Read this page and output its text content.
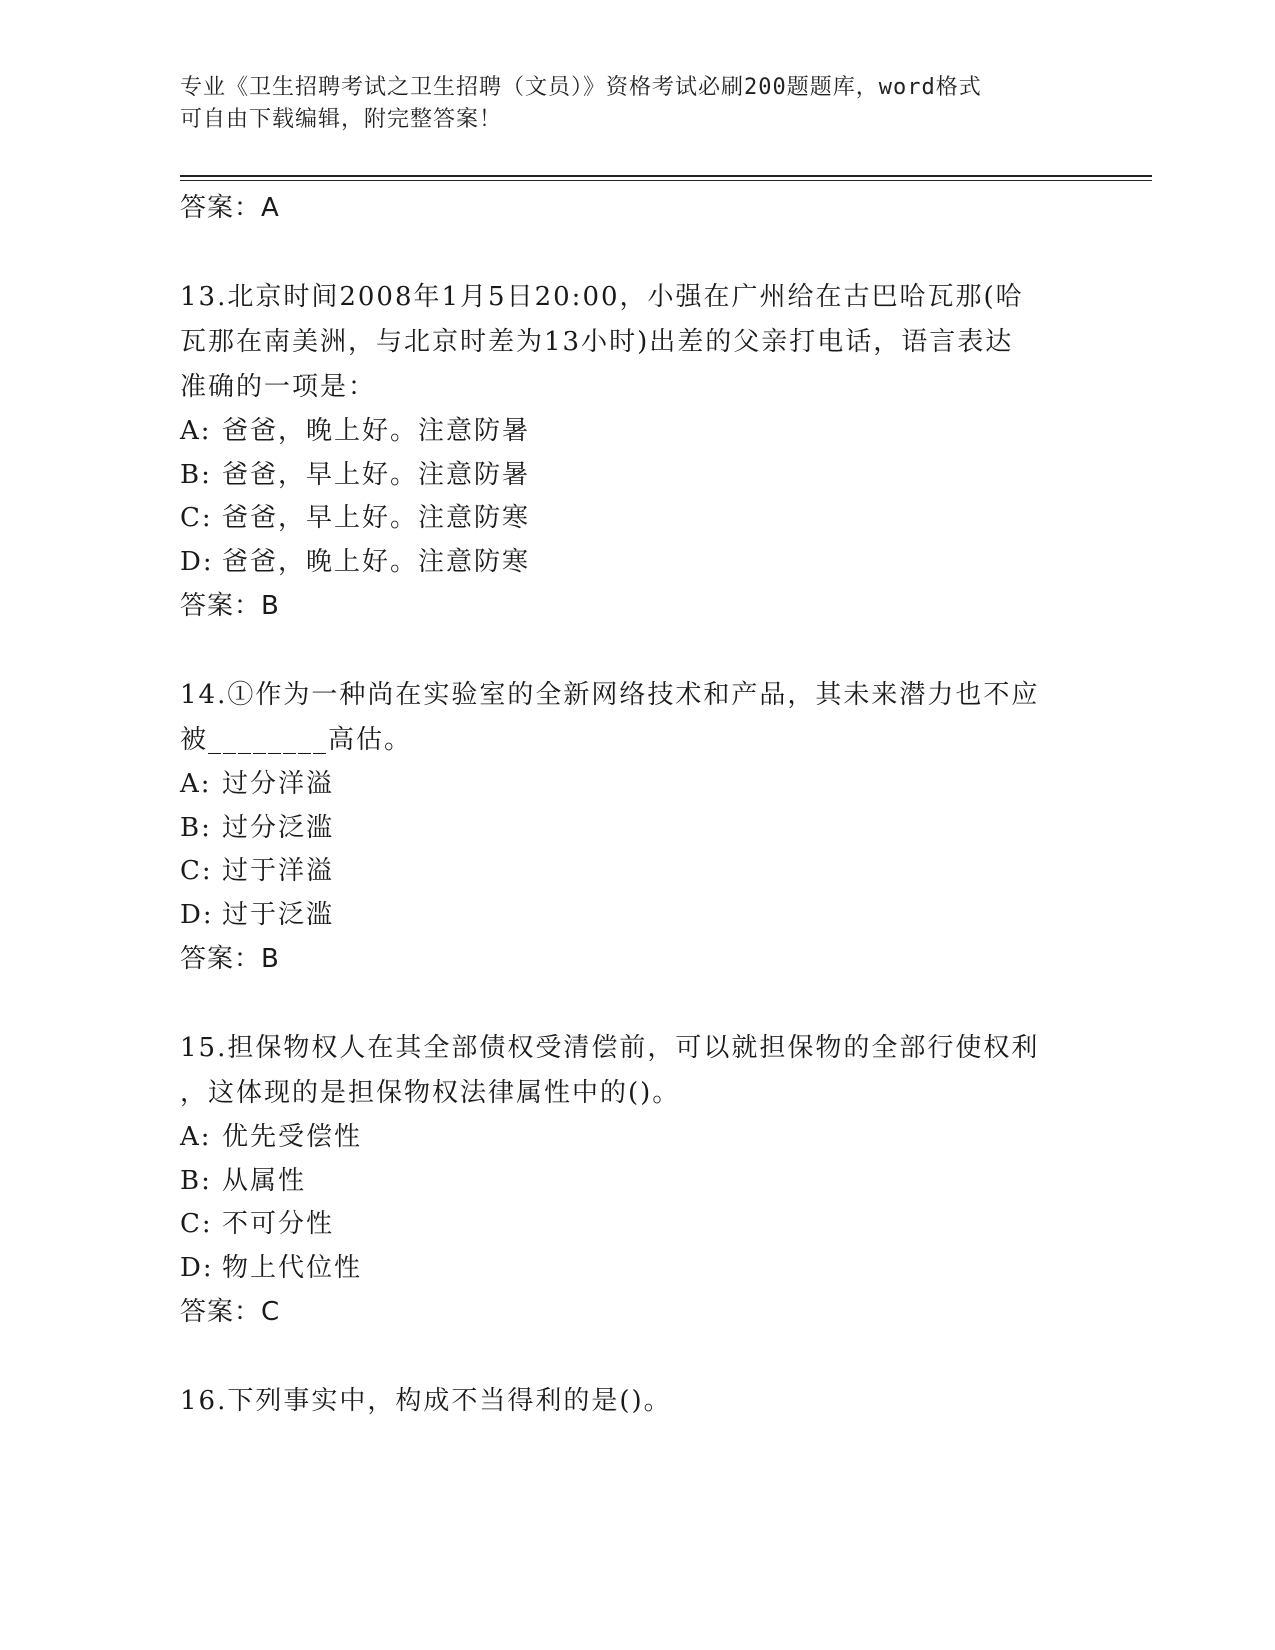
专业《卫生招聘考试之卫生招聘（文员）》资格考试必刷200题题库，word格式
可自由下载编辑，附完整答案！

答案：A

13.北京时间2008年1月5日20:00，小强在广州给在古巴哈瓦那(哈

瓦那在南美洲，与北京时差为13小时)出差的父亲打电话，语言表达

准确的一项是：

A: 爸爸，晚上好。注意防暑

B: 爸爸，早上好。注意防暑

C: 爸爸，早上好。注意防寒

D: 爸爸，晚上好。注意防寒

答案：B

14.①作为一种尚在实验室的全新网络技术和产品，其未来潜力也不应

被________高估。

A: 过分洋溢

B: 过分泛滥

C: 过于洋溢

D: 过于泛滥

答案：B

15.担保物权人在其全部债权受清偿前，可以就担保物的全部行使权利

，这体现的是担保物权法律属性中的()。

A: 优先受偿性

B: 从属性

C: 不可分性

D: 物上代位性

答案：C

16.下列事实中，构成不当得利的是()。
